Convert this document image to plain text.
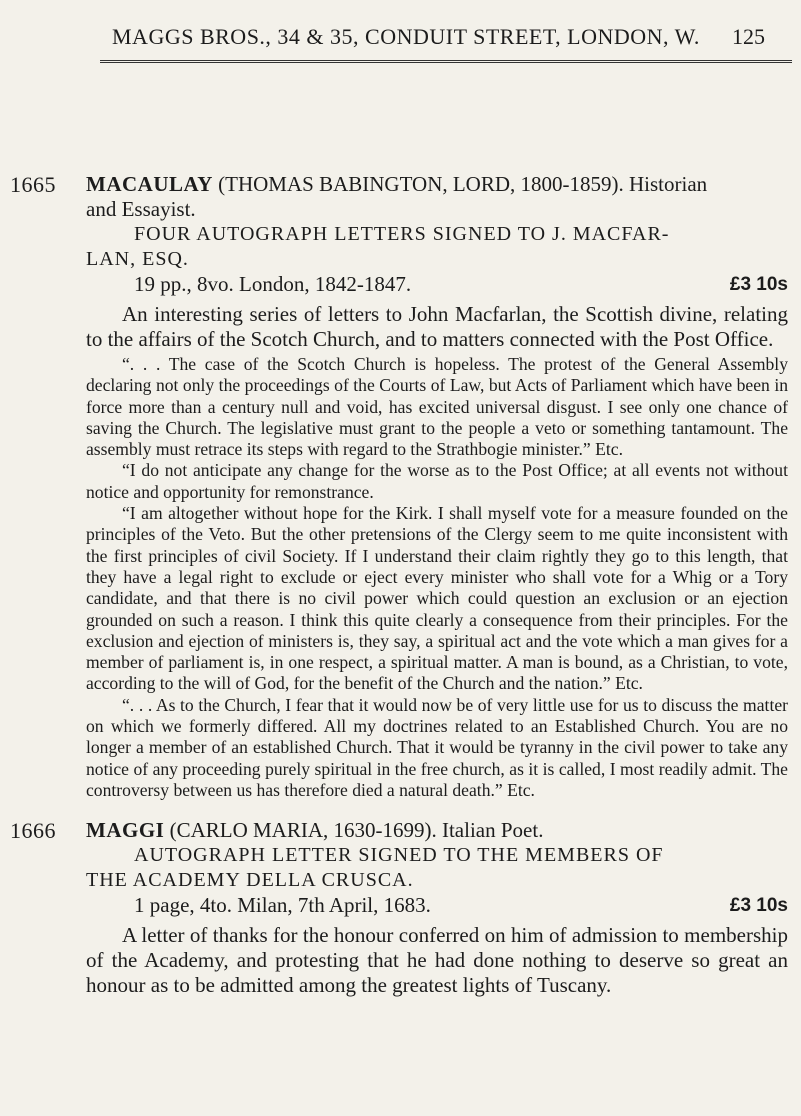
MAGGS BROS., 34 & 35, CONDUIT STREET, LONDON, W. 125
1665 MACAULAY (THOMAS BABINGTON, LORD, 1800-1859). Historian
and Essayist.
FOUR AUTOGRAPH LETTERS SIGNED TO J. MACFAR-
LAN, ESQ.
19 pp., 8vo. London, 1842-1847.	£3 10s

An interesting series of letters to John Macfarlan, the Scottish divine, relating to the affairs of the Scotch Church, and to matters connected with the Post Office.

“. . . The case of the Scotch Church is hopeless. The protest of the General Assembly declaring not only the proceedings of the Courts of Law, but Acts of Parliament which have been in force more than a century null and void, has excited universal disgust. I see only one chance of saving the Church. The legislative must grant to the people a veto or something tantamount. The assembly must retrace its steps with regard to the Strathbogie minister.” Etc.

“I do not anticipate any change for the worse as to the Post Office; at all events not without notice and opportunity for remonstrance.

“I am altogether without hope for the Kirk. I shall myself vote for a measure founded on the principles of the Veto. But the other pretensions of the Clergy seem to me quite inconsistent with the first principles of civil Society. If I understand their claim rightly they go to this length, that they have a legal right to exclude or eject every minister who shall vote for a Whig or a Tory candidate, and that there is no civil power which could question an exclusion or an ejection grounded on such a reason. I think this quite clearly a consequence from their principles. For the exclusion and ejection of ministers is, they say, a spiritual act and the vote which a man gives for a member of parliament is, in one respect, a spiritual matter. A man is bound, as a Christian, to vote, according to the will of God, for the benefit of the Church and the nation.” Etc.

“. . . As to the Church, I fear that it would now be of very little use for us to discuss the matter on which we formerly differed. All my doctrines related to an Established Church. You are no longer a member of an established Church. That it would be tyranny in the civil power to take any notice of any proceeding purely spiritual in the free church, as it is called, I most readily admit. The controversy between us has therefore died a natural death.” Etc.

1666 MAGGI (CARLO MARIA, 1630-1699). Italian Poet.
AUTOGRAPH LETTER SIGNED TO THE MEMBERS OF
THE ACADEMY DELLA CRUSCA.
1 page, 4to. Milan, 7th April, 1683.	£3 10s

A letter of thanks for the honour conferred on him of admission to membership of the Academy, and protesting that he had done nothing to deserve so great an honour as to be admitted among the greatest lights of Tuscany.
